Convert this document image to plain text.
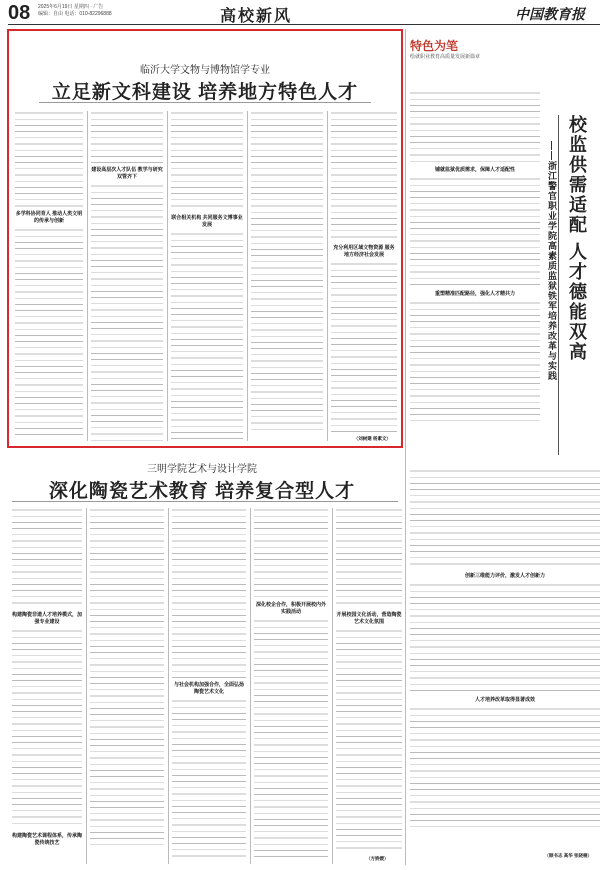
08 2025年6月19日 星期四 · 广告
编辑：自由 电话：010-82296888	高校新风	中国教育报
临沂大学文物与博物馆学专业
立足新文科建设 培养地方特色人才
多学科协同育人 推动人类文明的传承与创新
建设高层次人才队伍 教学与研究双管齐下
联合相关机构 共同服务文博事业发展
充分利用区域文物资源 服务地方经济社会发展
（刘树建 杨素文）
特色为笔
绘就职业教育高质量发展新篇章
校监供需适配 人才德能双高
——浙江警官职业学院高素质监狱铁军培养改革与实践
铺就监狱优质需求，保障人才适配性
重塑精准匹配路径，强化人才精共力
创新三维能力评价，激发人才创新力
人才培养改革取得显著成效
（顾书志 高华 张晓楠）
三明学院艺术与设计学院
深化陶瓷艺术教育 培养复合型人才
构建陶瓷非遗人才培养模式，加强专业建设
构建陶瓷艺术课程体系，传承陶瓷传统技艺
与社会机构加强合作，全面弘扬陶瓷艺术文化
深化校企合作，积极开展校内外实践活动	开展校园文化活动，营造陶瓷艺术文化氛围
（方娇媛）
